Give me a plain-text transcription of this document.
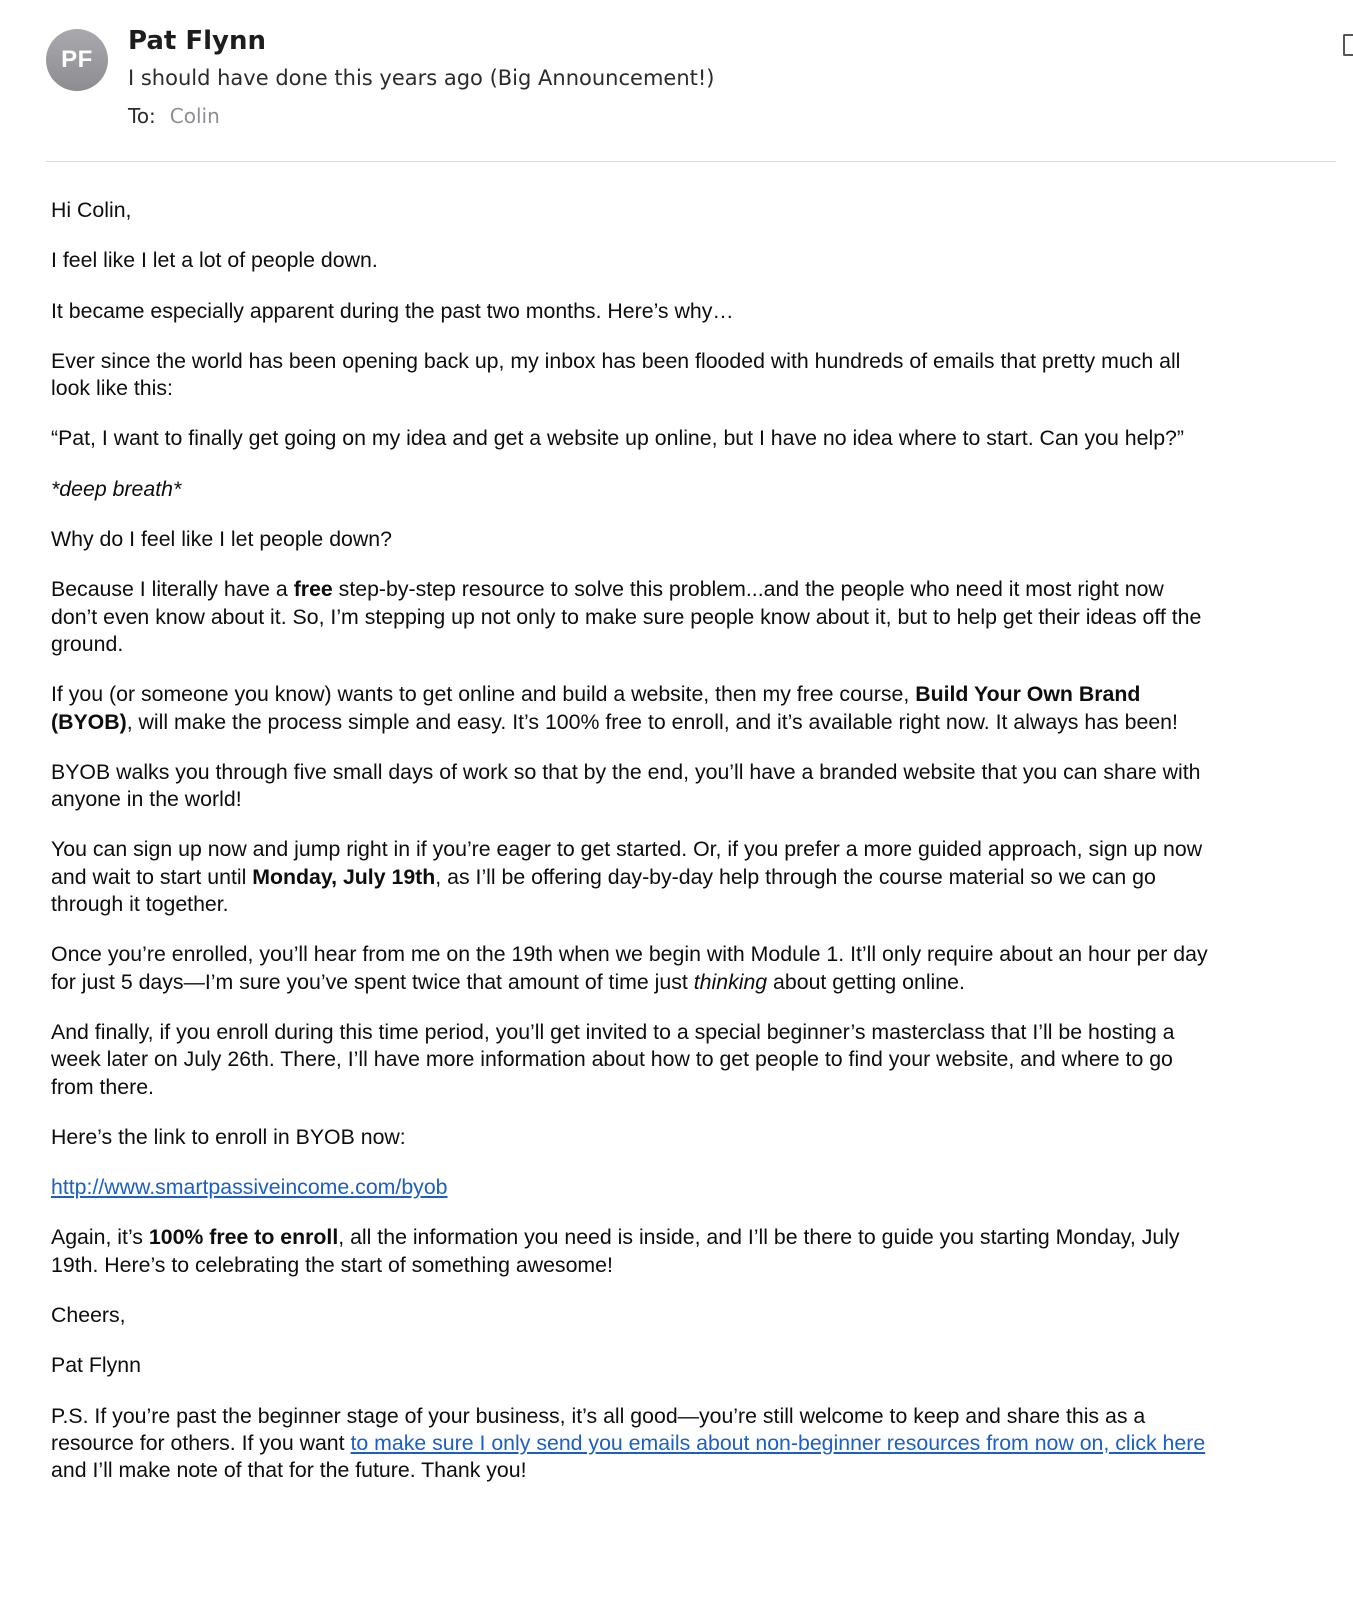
PF
Pat Flynn
I should have done this years ago (Big Announcement!)
To: Colin

Hi Colin,

I feel like I let a lot of people down.

It became especially apparent during the past two months. Here’s why…

Ever since the world has been opening back up, my inbox has been flooded with hundreds of emails that pretty much all look like this:

“Pat, I want to finally get going on my idea and get a website up online, but I have no idea where to start. Can you help?”

*deep breath*

Why do I feel like I let people down?

Because I literally have a free step-by-step resource to solve this problem...and the people who need it most right now don’t even know about it. So, I’m stepping up not only to make sure people know about it, but to help get their ideas off the ground.

If you (or someone you know) wants to get online and build a website, then my free course, Build Your Own Brand (BYOB), will make the process simple and easy. It’s 100% free to enroll, and it’s available right now. It always has been!

BYOB walks you through five small days of work so that by the end, you’ll have a branded website that you can share with anyone in the world!

You can sign up now and jump right in if you’re eager to get started. Or, if you prefer a more guided approach, sign up now and wait to start until Monday, July 19th, as I’ll be offering day-by-day help through the course material so we can go through it together.

Once you’re enrolled, you’ll hear from me on the 19th when we begin with Module 1. It’ll only require about an hour per day for just 5 days—I’m sure you’ve spent twice that amount of time just thinking about getting online.

And finally, if you enroll during this time period, you’ll get invited to a special beginner’s masterclass that I’ll be hosting a week later on July 26th. There, I’ll have more information about how to get people to find your website, and where to go from there.

Here’s the link to enroll in BYOB now:

http://www.smartpassiveincome.com/byob

Again, it’s 100% free to enroll, all the information you need is inside, and I’ll be there to guide you starting Monday, July 19th. Here’s to celebrating the start of something awesome!

Cheers,

Pat Flynn

P.S. If you’re past the beginner stage of your business, it’s all good—you’re still welcome to keep and share this as a resource for others. If you want to make sure I only send you emails about non-beginner resources from now on, click here and I’ll make note of that for the future. Thank you!
